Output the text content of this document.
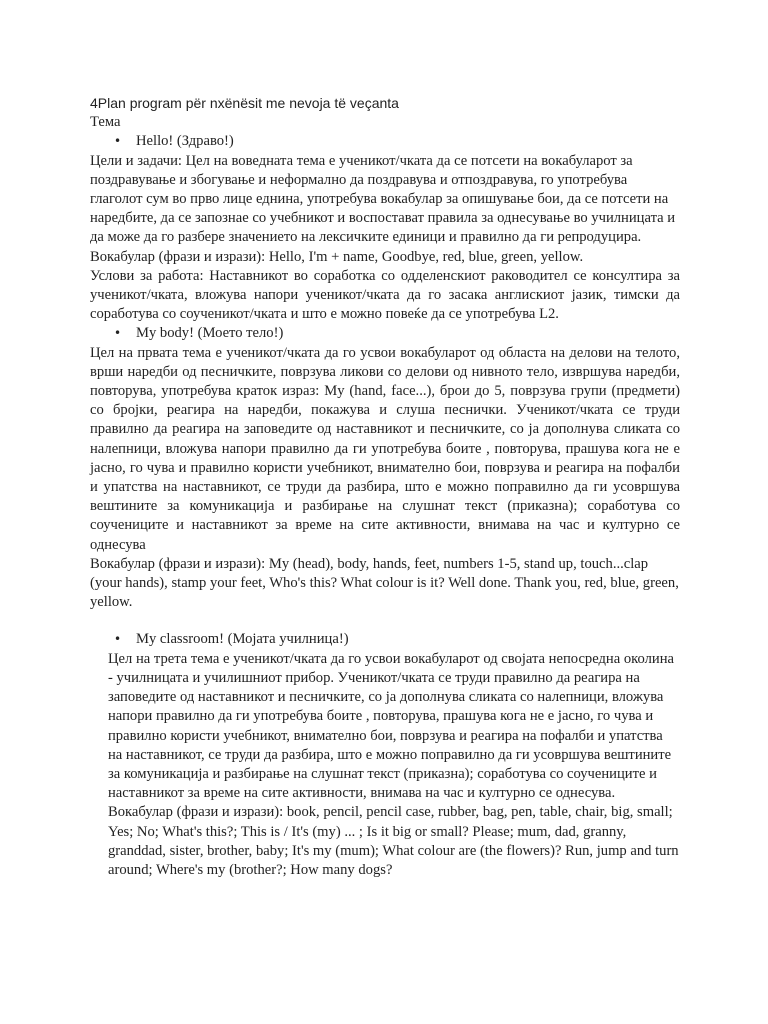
4Plan program për nxënësit me nevoja të veçanta
Тема
• Hello! (Здраво!)
Цели и задачи: Цел на воведната тема е ученикот/чката да се потсети на вокабуларот за поздравување и збогување и неформално да поздравува и отпоздравува, го употребува глаголот сум во прво лице еднина, употребува вокабулар за опишување бои, да се потсети на наредбите, да се запознае со учебникот и воспостават правила за однесување во училницата и да може да го разбере значението на лексичките единици и правилно да ги репродуцира.
Вокабулар (фрази и изрази): Hello, I'm + name, Goodbye, red, blue, green, yellow.
Услови за работа: Наставникот во соработка со одделенскиот раководител се консултира за ученикот/чката, вложува напори ученикот/чката да го засака англискиот јазик, тимски да соработува со соученикот/чката и што е можно повеќе да се употребува L2.
• My body! (Моето тело!)
Цел на првата тема е ученикот/чката да го усвои вокабуларот од областа на делови на телото, врши наредби од песничките, поврзува ликови со делови од нивното тело, извршува наредби, повторува, употребува краток израз: My (hand, face...), брои до 5, поврзува групи (предмети) со бројки, реагира на наредби, покажува и слуша песнички. Ученикот/чката се труди правилно да реагира на заповедите од наставникот и песничките, со ја дополнува сликата со налепници, вложува напори правилно да ги употребува боите , повторува, прашува кога не е јасно, го чува и правилно користи учебникот, внимателно бои, поврзува и реагира на пофалби и упатства на наставникот, се труди да разбира, што е можно поправилно да ги усовршува вештините за комуникација и разбирање на слушнат текст (приказна); соработува со соучениците и наставникот за време на сите активности, внимава на час и културно се однесува
Вокабулар (фрази и изрази): My (head), body, hands, feet, numbers 1-5, stand up, touch...clap (your hands), stamp your feet, Who's this? What colour is it? Well done. Thank you, red, blue, green, yellow.
• My classroom! (Мојата училница!)
Цел на трета тема е ученикот/чката да го усвои вокабуларот од својата непосредна околина - училницата и училишниот прибор. Ученикот/чката се труди правилно да реагира на заповедите од наставникот и песничките, со ја дополнува сликата со налепници, вложува напори правилно да ги употребува боите , повторува, прашува кога не е јасно, го чува и правилно користи учебникот, внимателно бои, поврзува и реагира на пофалби и упатства на наставникот, се труди да разбира, што е можно поправилно да ги усовршува вештините за комуникација и разбирање на слушнат текст (приказна); соработува со соучениците и наставникот за време на сите активности, внимава на час и културно се однесува.
Вокабулар (фрази и изрази): book, pencil, pencil case, rubber, bag, pen, table, chair, big, small; Yes; No; What's this?; This is / It's (my) ... ; Is it big or small? Please; mum, dad, granny, granddad, sister, brother, baby; It's my (mum); What colour are (the flowers)? Run, jump and turn around; Where's my (brother?; How many dogs?
